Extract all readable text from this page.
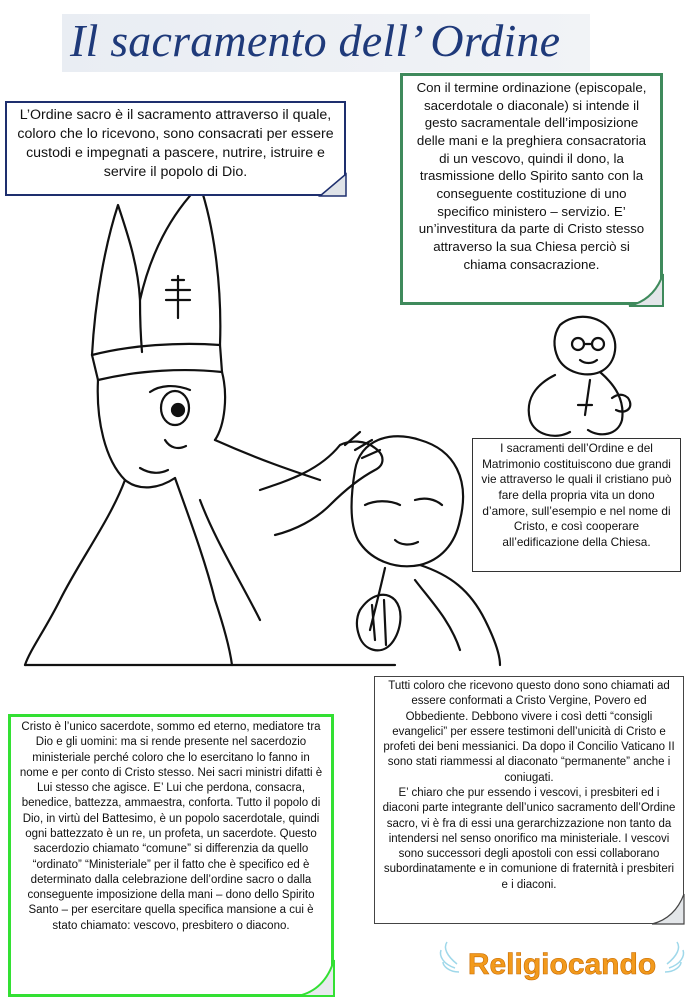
Il sacramento dell’ Ordine

L’Ordine sacro è il sacramento attraverso il quale, coloro che lo ricevono, sono consacrati per essere custodi e impegnati a pascere, nutrire, istruire e servire il popolo di Dio.

Con il termine ordinazione (episcopale, sacerdotale o diaconale) si intende il gesto sacramentale dell’imposizione delle mani e la preghiera consacratoria di un vescovo, quindi il dono, la trasmissione dello Spirito santo con la conseguente costituzione di uno specifico ministero – servizio. E’ un’investitura da parte di Cristo stesso attraverso la sua Chiesa perciò si chiama consacrazione.

I sacramenti dell’Ordine e del Matrimonio costituiscono due grandi vie attraverso le quali il cristiano può fare della propria vita un dono d’amore, sull’esempio e nel nome di Cristo, e così cooperare all’edificazione della Chiesa.

Cristo è l’unico sacerdote, sommo ed eterno, mediatore tra Dio e gli uomini: ma si rende presente nel sacerdozio ministeriale perché coloro che lo esercitano lo fanno in nome e per conto di Cristo stesso. Nei sacri ministri difatti è Lui stesso che agisce. E’ Lui che perdona, consacra, benedice, battezza, ammaestra, conforta. Tutto il popolo di Dio, in virtù del Battesimo, è un popolo sacerdotale, quindi ogni battezzato è un re, un profeta, un sacerdote. Questo sacerdozio chiamato “comune” si differenzia da quello “ordinato” “Ministeriale” per il fatto che è specifico ed è determinato dalla celebrazione dell’ordine sacro o dalla conseguente imposizione della mani – dono dello Spirito Santo – per esercitare quella specifica mansione a cui è stato chiamato: vescovo, presbitero o diacono.

Tutti coloro che ricevono questo dono sono chiamati ad essere conformati a Cristo Vergine, Povero ed Obbediente. Debbono vivere i così detti “consigli evangelici” per essere testimoni dell’unicità di Cristo e profeti dei beni messianici. Da dopo il Concilio Vaticano II sono stati riammessi al diaconato “permanente” anche i coniugati.
E’ chiaro che pur essendo i vescovi, i presbiteri ed i diaconi parte integrante dell’unico sacramento dell’Ordine sacro, vi è fra di essi una gerarchizzazione non tanto da intendersi nel senso onorifico ma ministeriale. I vescovi sono successori degli apostoli con essi collaborano subordinatamente e in comunione di fraternità i presbiteri e i diaconi.

Religiocando
